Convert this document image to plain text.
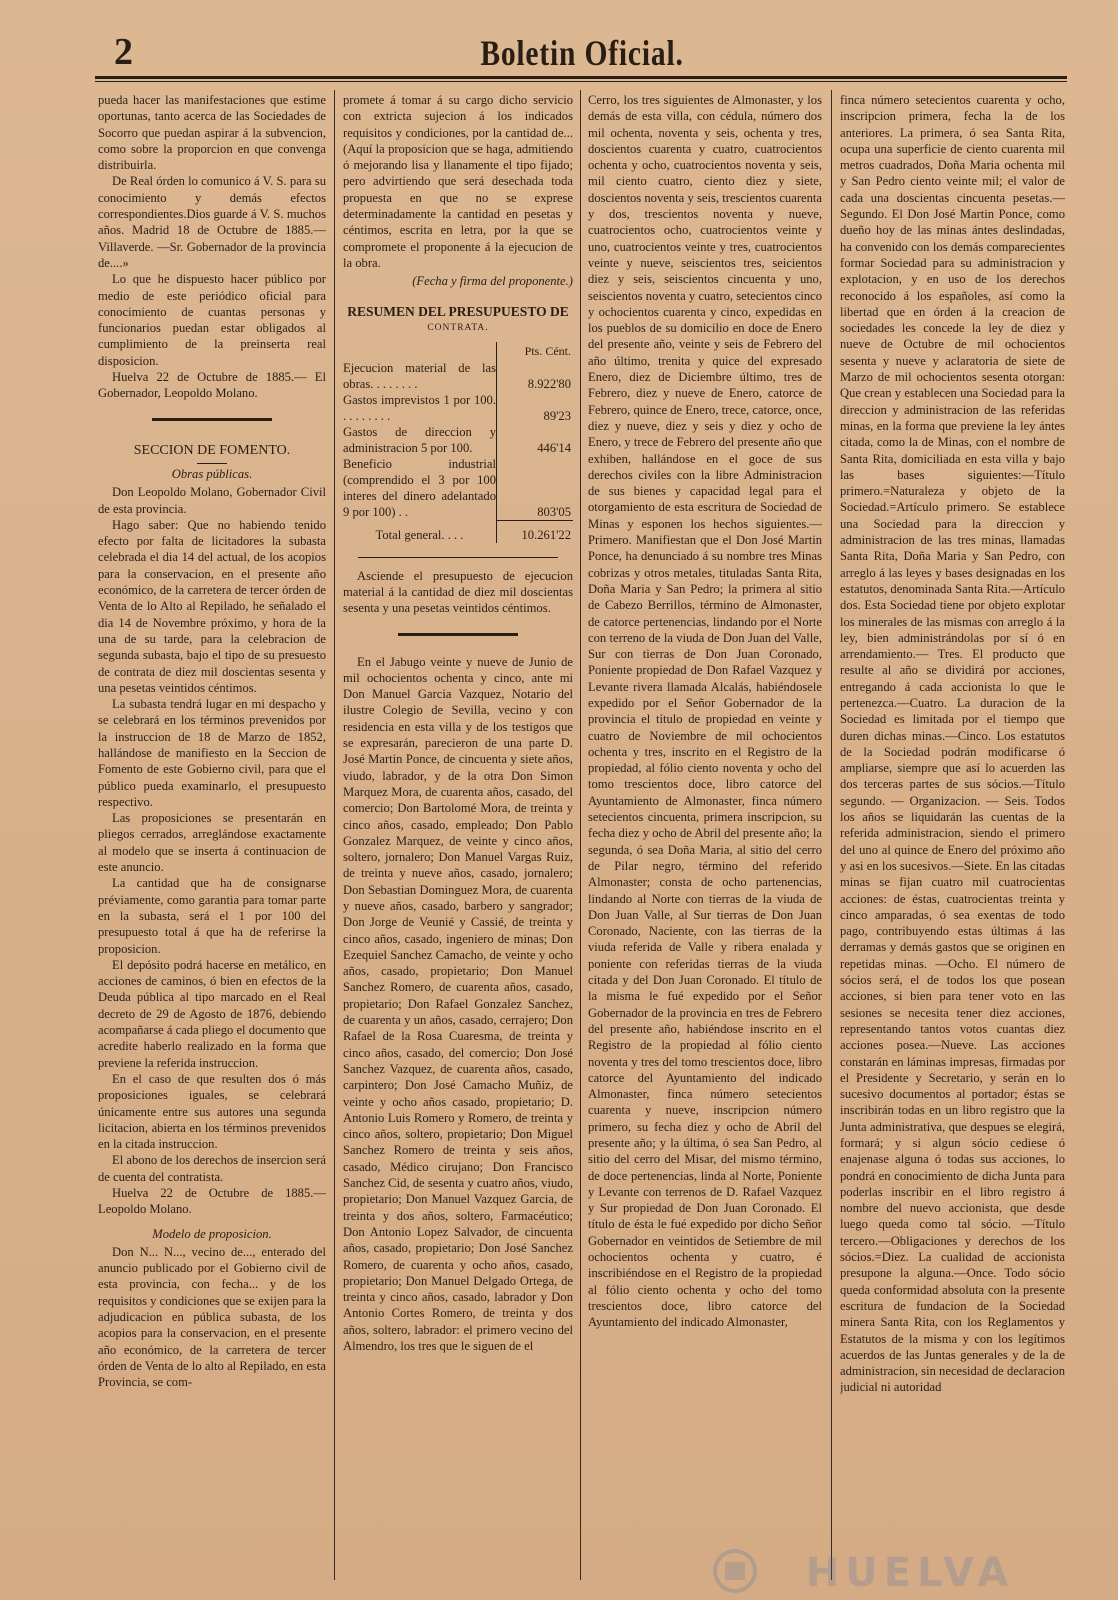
2	Boletin Oficial.

pueda hacer las manifestaciones que estime oportunas, tanto acerca de las Sociedades de Socorro que puedan aspirar á la subvencion, como sobre la proporcion en que convenga distribuirla.

De Real órden lo comunico á V. S. para su conocimiento y demás efectos correspondientes.Dios guarde á V. S. muchos años. Madrid 18 de Octubre de 1885.—Villaverde. —Sr. Gobernador de la provincia de....»

Lo que he dispuesto hacer público por medio de este periódico oficial para conocimiento de cuantas personas y funcionarios puedan estar obligados al cumplimiento de la preinserta real disposicion.

Huelva 22 de Octubre de 1885.— El Gobernador, Leopoldo Molano.

SECCION DE FOMENTO.
Obras públicas.

Don Leopoldo Molano, Gobernador Civil de esta provincia.

Hago saber: Que no habiendo tenido efecto por falta de licitadores la subasta celebrada el dia 14 del actual, de los acopios para la conservacion, en el presente año económico, de la carretera de tercer órden de Venta de lo Alto al Repilado, he señalado el dia 14 de Novembre próximo, y hora de la una de su tarde, para la celebracion de segunda subasta, bajo el tipo de su presuesto de contrata de diez mil doscientas sesenta y una pesetas veintidos céntimos.

La subasta tendrá lugar en mi despacho y se celebrará en los términos prevenidos por la instruccion de 18 de Marzo de 1852, hallándose de manifiesto en la Seccion de Fomento de este Gobierno civil, para que el público pueda examinarlo, el presupuesto respectivo.

Las proposiciones se presentarán en pliegos cerrados, arreglándose exactamente al modelo que se inserta á continuacion de este anuncio.

La cantidad que ha de consignarse préviamente, como garantia para tomar parte en la subasta, será el 1 por 100 del presupuesto total á que ha de referirse la proposicion.

El depósito podrá hacerse en metálico, en acciones de caminos, ó bien en efectos de la Deuda pública al tipo marcado en el Real decreto de 29 de Agosto de 1876, debiendo acompañarse á cada pliego el documento que acredite haberlo realizado en la forma que previene la referida instruccion.

En el caso de que resulten dos ó más proposiciones iguales, se celebrará únicamente entre sus autores una segunda licitacion, abierta en los términos prevenidos en la citada instruccion.

El abono de los derechos de insercion será de cuenta del contratista.

Huelva 22 de Octubre de 1885.— Leopoldo Molano.

Modelo de proposicion.

Don N... N..., vecino de..., enterado del anuncio publicado por el Gobierno civil de esta provincia, con fecha... y de los requisitos y condiciones que se exijen para la adjudicacion en pública subasta, de los acopios para la conservacion, en el presente año económico, de la carretera de tercer órden de Venta de lo alto al Repilado, en esta Provincia, se com-

promete á tomar á su cargo dicho servicio con extricta sujecion á los indicados requisitos y condiciones, por la cantidad de... (Aquí la proposicion que se haga, admitiendo ó mejorando lisa y llanamente el tipo fijado; pero advirtiendo que será desechada toda propuesta en que no se exprese determinadamente la cantidad en pesetas y céntimos, escrita en letra, por la que se compromete el proponente á la ejecucion de la obra.

(Fecha y firma del proponente.)
RESUMEN DEL PRESUPUESTO DE
CONTRATA.
	Pts. Cént.
Ejecucion material de las obras. . . . . . . .	8.922'80
Gastos imprevistos 1 por 100. . . . . . . . .	89'23
Gastos de direccion y administracion 5 por 100.	446'14
Beneficio industrial (comprendido el 3 por 100 interes del dinero adelantado 9 por 100) . .	803'05
Total general. . . .	10.261'22

Asciende el presupuesto de ejecucion material á la cantidad de diez mil doscientas sesenta y una pesetas veintidos céntimos.

En el Jabugo veinte y nueve de Junio de mil ochocientos ochenta y cinco, ante mi Don Manuel Garcia Vazquez, Notario del ilustre Colegio de Sevilla, vecino y con residencia en esta villa y de los testigos que se expresarán, parecieron de una parte D. José Martin Ponce, de cincuenta y siete años, viudo, labrador, y de la otra Don Simon Marquez Mora, de cuarenta años, casado, del comercio; Don Bartolomé Mora, de treinta y cinco años, casado, empleado; Don Pablo Gonzalez Marquez, de veinte y cinco años, soltero, jornalero; Don Manuel Vargas Ruiz, de treinta y nueve años, casado, jornalero; Don Sebastian Dominguez Mora, de cuarenta y nueve años, casado, barbero y sangrador; Don Jorge de Veunié y Cassié, de treinta y cinco años, casado, ingeniero de minas; Don Ezequiel Sanchez Camacho, de veinte y ocho años, casado, propietario; Don Manuel Sanchez Romero, de cuarenta años, casado, propietario; Don Rafael Gonzalez Sanchez, de cuarenta y un años, casado, cerrajero; Don Rafael de la Rosa Cuaresma, de treinta y cinco años, casado, del comercio; Don José Sanchez Vazquez, de cuarenta años, casado, carpintero; Don José Camacho Muñiz, de veinte y ocho años casado, propietario; D. Antonio Luis Romero y Romero, de treinta y cinco años, soltero, propietario; Don Miguel Sanchez Romero de treinta y seis años, casado, Médico cirujano; Don Francisco Sanchez Cid, de sesenta y cuatro años, viudo, propietario; Don Manuel Vazquez Garcia, de treinta y dos años, soltero, Farmacéutico; Don Antonio Lopez Salvador, de cincuenta años, casado, propietario; Don José Sanchez Romero, de cuarenta y ocho años, casado, propietario; Don Manuel Delgado Ortega, de treinta y cinco años, casado, labrador y Don Antonio Cortes Romero, de treinta y dos años, soltero, labrador: el primero vecino del Almendro, los tres que le siguen de el

Cerro, los tres siguientes de Almonaster, y los demás de esta villa, con cédula, número dos mil ochenta, noventa y seis, ochenta y tres, doscientos cuarenta y cuatro, cuatrocientos ochenta y ocho, cuatrocientos noventa y seis, mil ciento cuatro, ciento diez y siete, doscientos noventa y seis, trescientos cuarenta y dos, trescientos noventa y nueve, cuatrocientos ocho, cuatrocientos veinte y uno, cuatrocientos veinte y tres, cuatrocientos veinte y nueve, seiscientos tres, seicientos diez y seis, seiscientos cincuenta y uno, seiscientos noventa y cuatro, setecientos cinco y ochocientos cuarenta y cinco, expedidas en los pueblos de su domicilio en doce de Enero del presente año, veinte y seis de Febrero del año último, trenita y quice del expresado Enero, diez de Diciembre último, tres de Febrero, diez y nueve de Enero, catorce de Febrero, quince de Enero, trece, catorce, once, diez y nueve, diez y seis y diez y ocho de Enero, y trece de Febrero del presente año que exhiben, hallándose en el goce de sus derechos civiles con la libre Administracion de sus bienes y capacidad legal para el otorgamiento de esta escritura de Sociedad de Minas y esponen los hechos siguientes.—Primero. Manifiestan que el Don José Martin Ponce, ha denunciado á su nombre tres Minas cobrizas y otros metales, tituladas Santa Rita, Doña Maria y San Pedro; la primera al sitio de Cabezo Berrillos, término de Almonaster, de catorce pertenencias, lindando por el Norte con terreno de la viuda de Don Juan del Valle, Sur con tierras de Don Juan Coronado, Poniente propiedad de Don Rafael Vazquez y Levante rivera llamada Alcalás, habiéndosele expedido por el Señor Gobernador de la provincia el título de propiedad en veinte y cuatro de Noviembre de mil ochocientos ochenta y tres, inscrito en el Registro de la propiedad, al fólio ciento noventa y ocho del tomo trescientos doce, libro catorce del Ayuntamiento de Almonaster, finca número setecientos cincuenta, primera inscripcion, su fecha diez y ocho de Abril del presente año; la segunda, ó sea Doña Maria, al sitio del cerro de Pilar negro, término del referido Almonaster; consta de ocho partenencias, lindando al Norte con tierras de la viuda de Don Juan Valle, al Sur tierras de Don Juan Coronado, Naciente, con las tierras de la viuda referida de Valle y ribera enalada y poniente con referidas tierras de la viuda citada y del Don Juan Coronado. El título de la misma le fué expedido por el Señor Gobernador de la provincia en tres de Febrero del presente año, habiéndose inscrito en el Registro de la propiedad al fólio ciento noventa y tres del tomo trescientos doce, libro catorce del Ayuntamiento del indicado Almonaster, finca número setecientos cuarenta y nueve, inscripcion número primero, su fecha diez y ocho de Abril del presente año; y la última, ó sea San Pedro, al sitio del cerro del Misar, del mismo término, de doce pertenencias, linda al Norte, Poniente y Levante con terrenos de D. Rafael Vazquez y Sur propiedad de Don Juan Coronado. El título de ésta le fué expedido por dicho Señor Gobernador en veintidos de Setiembre de mil ochocientos ochenta y cuatro, é inscribiéndose en el Registro de la propiedad al fólio ciento ochenta y ocho del tomo trescientos doce, libro catorce del Ayuntamiento del indicado Almonaster,

finca número setecientos cuarenta y ocho, inscripcion primera, fecha la de los anteriores. La primera, ó sea Santa Rita, ocupa una superficie de ciento cuarenta mil metros cuadrados, Doña Maria ochenta mil y San Pedro ciento veinte mil; el valor de cada una doscientas cincuenta pesetas.—Segundo. El Don José Martin Ponce, como dueño hoy de las minas ántes deslindadas, ha convenido con los demás comparecientes formar Sociedad para su administracion y explotacion, y en uso de los derechos reconocido á los españoles, así como la libertad que en órden á la creacion de sociedades les concede la ley de diez y nueve de Octubre de mil ochocientos sesenta y nueve y aclaratoria de siete de Marzo de mil ochocientos sesenta otorgan: Que crean y establecen una Sociedad para la direccion y administracion de las referidas minas, en la forma que previene la ley ántes citada, como la de Minas, con el nombre de Santa Rita, domiciliada en esta villa y bajo las bases siguientes:—Título primero.=Naturaleza y objeto de la Sociedad.=Artículo primero. Se establece una Sociedad para la direccion y administracion de las tres minas, llamadas Santa Rita, Doña Maria y San Pedro, con arreglo á las leyes y bases designadas en los estatutos, denominada Santa Rita.—Artículo dos. Esta Sociedad tiene por objeto explotar los minerales de las mismas con arreglo á la ley, bien administrándolas por sí ó en arrendamiento.— Tres. El producto que resulte al año se dividirá por acciones, entregando á cada accionista lo que le pertenezca.—Cuatro. La duracion de la Sociedad es limitada por el tiempo que duren dichas minas.—Cinco. Los estatutos de la Sociedad podrán modificarse ó ampliarse, siempre que así lo acuerden las dos terceras partes de sus sócios.—Título segundo. — Organizacion. — Seis. Todos los años se liquidarán las cuentas de la referida administracion, siendo el primero del uno al quince de Enero del próximo año y asi en los sucesivos.—Siete. En las citadas minas se fijan cuatro mil cuatrocientas acciones: de éstas, cuatrocientas treinta y cinco amparadas, ó sea exentas de todo pago, contribuyendo estas últimas á las derramas y demás gastos que se originen en repetidas minas. —Ocho. El número de sócios será, el de todos los que posean acciones, si bien para tener voto en las sesiones se necesita tener diez acciones, representando tantos votos cuantas diez acciones posea.—Nueve. Las acciones constarán en láminas impresas, firmadas por el Presidente y Secretario, y serán en lo sucesivo documentos al portador; éstas se inscribirán todas en un libro registro que la Junta administrativa, que despues se elegirá, formará; y si algun sócio cediese ó enajenase alguna ó todas sus acciones, lo pondrá en conocimiento de dicha Junta para poderlas inscribir en el libro registro á nombre del nuevo accionista, que desde luego queda como tal sócio. —Título tercero.—Obligaciones y derechos de los sócios.=Diez. La cualidad de accionista presupone la alguna.—Once. Todo sócio queda conformidad absoluta con la presente escritura de fundacion de la Sociedad minera Santa Rita, con los Reglamentos y Estatutos de la misma y con los legítimos acuerdos de las Juntas generales y de la de administracion, sin necesidad de declaracion judicial ni autoridad

HUELVA
